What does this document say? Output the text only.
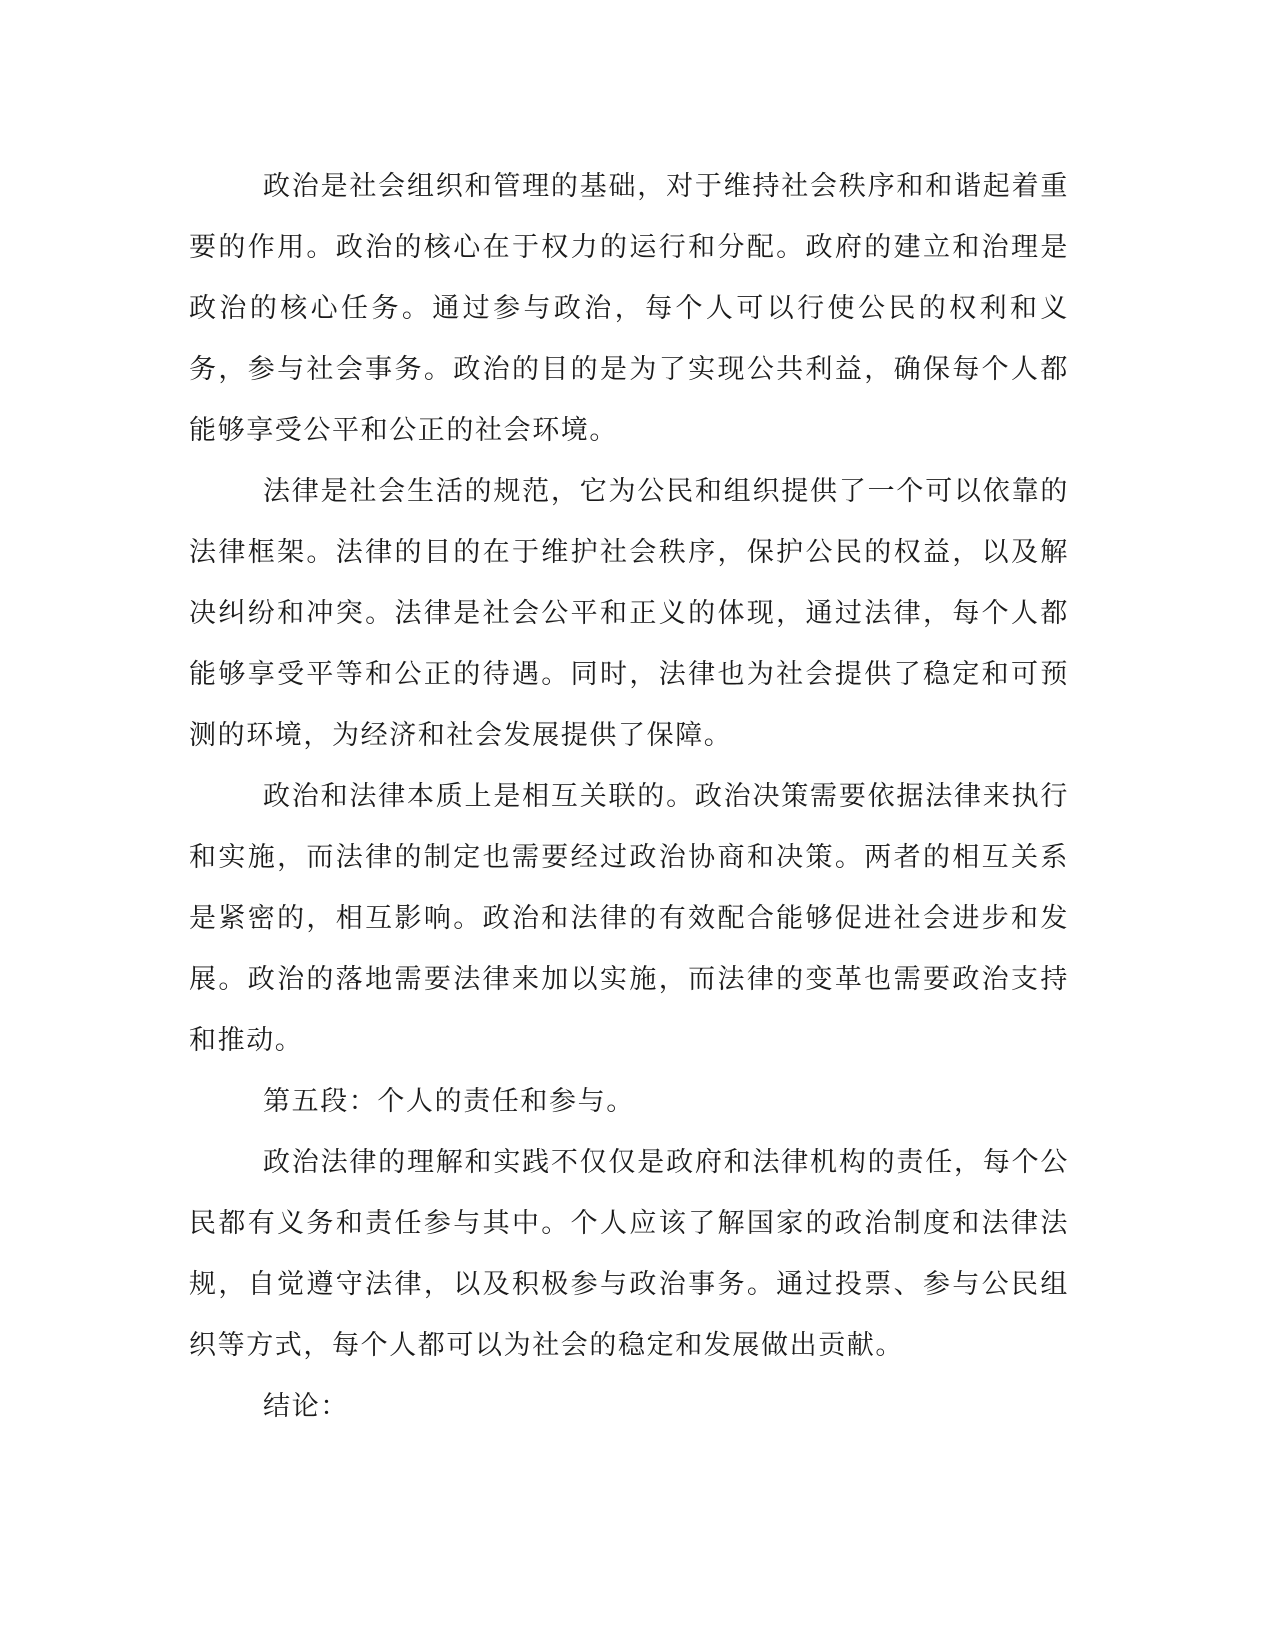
政治是社会组织和管理的基础，对于维持社会秩序和和谐起着重要的作用。政治的核心在于权力的运行和分配。政府的建立和治理是政治的核心任务。通过参与政治，每个人可以行使公民的权利和义务，参与社会事务。政治的目的是为了实现公共利益，确保每个人都能够享受公平和公正的社会环境。

法律是社会生活的规范，它为公民和组织提供了一个可以依靠的法律框架。法律的目的在于维护社会秩序，保护公民的权益，以及解决纠纷和冲突。法律是社会公平和正义的体现，通过法律，每个人都能够享受平等和公正的待遇。同时，法律也为社会提供了稳定和可预测的环境，为经济和社会发展提供了保障。

政治和法律本质上是相互关联的。政治决策需要依据法律来执行和实施，而法律的制定也需要经过政治协商和决策。两者的相互关系是紧密的，相互影响。政治和法律的有效配合能够促进社会进步和发展。政治的落地需要法律来加以实施，而法律的变革也需要政治支持和推动。

第五段：个人的责任和参与。

政治法律的理解和实践不仅仅是政府和法律机构的责任，每个公民都有义务和责任参与其中。个人应该了解国家的政治制度和法律法规，自觉遵守法律，以及积极参与政治事务。通过投票、参与公民组织等方式，每个人都可以为社会的稳定和发展做出贡献。

结论：
